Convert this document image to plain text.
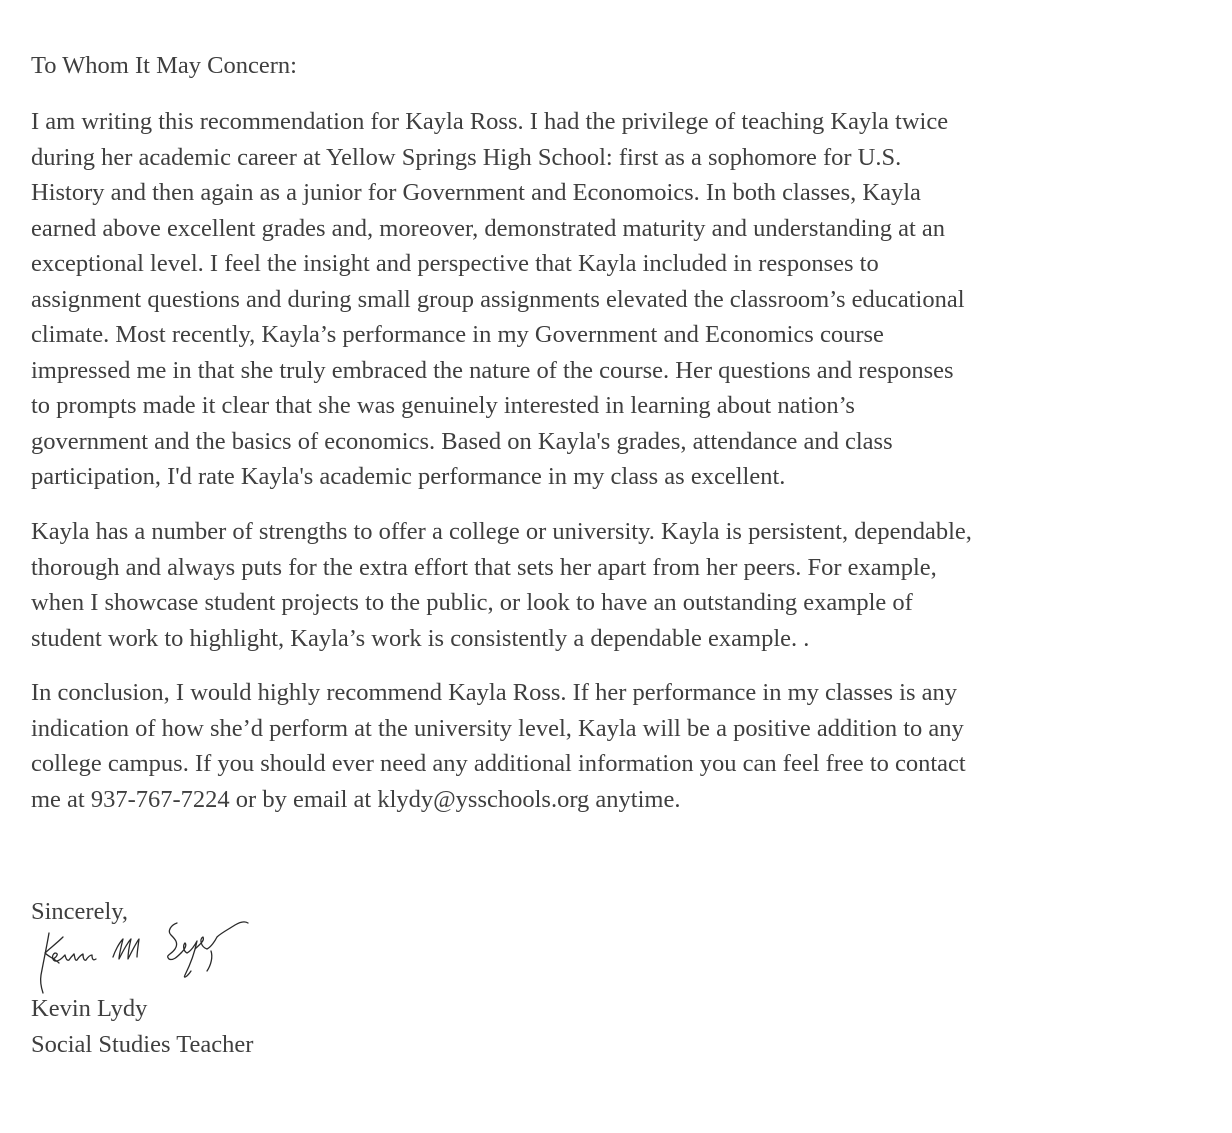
To Whom It May Concern:

I am writing this recommendation for Kayla Ross. I had the privilege of teaching Kayla twice
during her academic career at Yellow Springs High School: first as a sophomore for U.S.
History and then again as a junior for Government and Economoics. In both classes, Kayla
earned above excellent grades and, moreover, demonstrated maturity and understanding at an
exceptional level. I feel the insight and perspective that Kayla included in responses to
assignment questions and during small group assignments elevated the classroom’s educational
climate. Most recently, Kayla’s performance in my Government and Economics course
impressed me in that she truly embraced the nature of the course. Her questions and responses
to prompts made it clear that she was genuinely interested in learning about nation’s
government and the basics of economics. Based on Kayla's grades, attendance and class
participation, I'd rate Kayla's academic performance in my class as excellent.

Kayla has a number of strengths to offer a college or university. Kayla is persistent, dependable,
thorough and always puts for the extra effort that sets her apart from her peers. For example,
when I showcase student projects to the public, or look to have an outstanding example of
student work to highlight, Kayla’s work is consistently a dependable example. .

In conclusion, I would highly recommend Kayla Ross. If her performance in my classes is any
indication of how she’d perform at the university level, Kayla will be a positive addition to any
college campus. If you should ever need any additional information you can feel free to contact
me at 937-767-7224 or by email at klydy@ysschools.org anytime.

Sincerely,

Kevin Lydy
Social Studies Teacher
